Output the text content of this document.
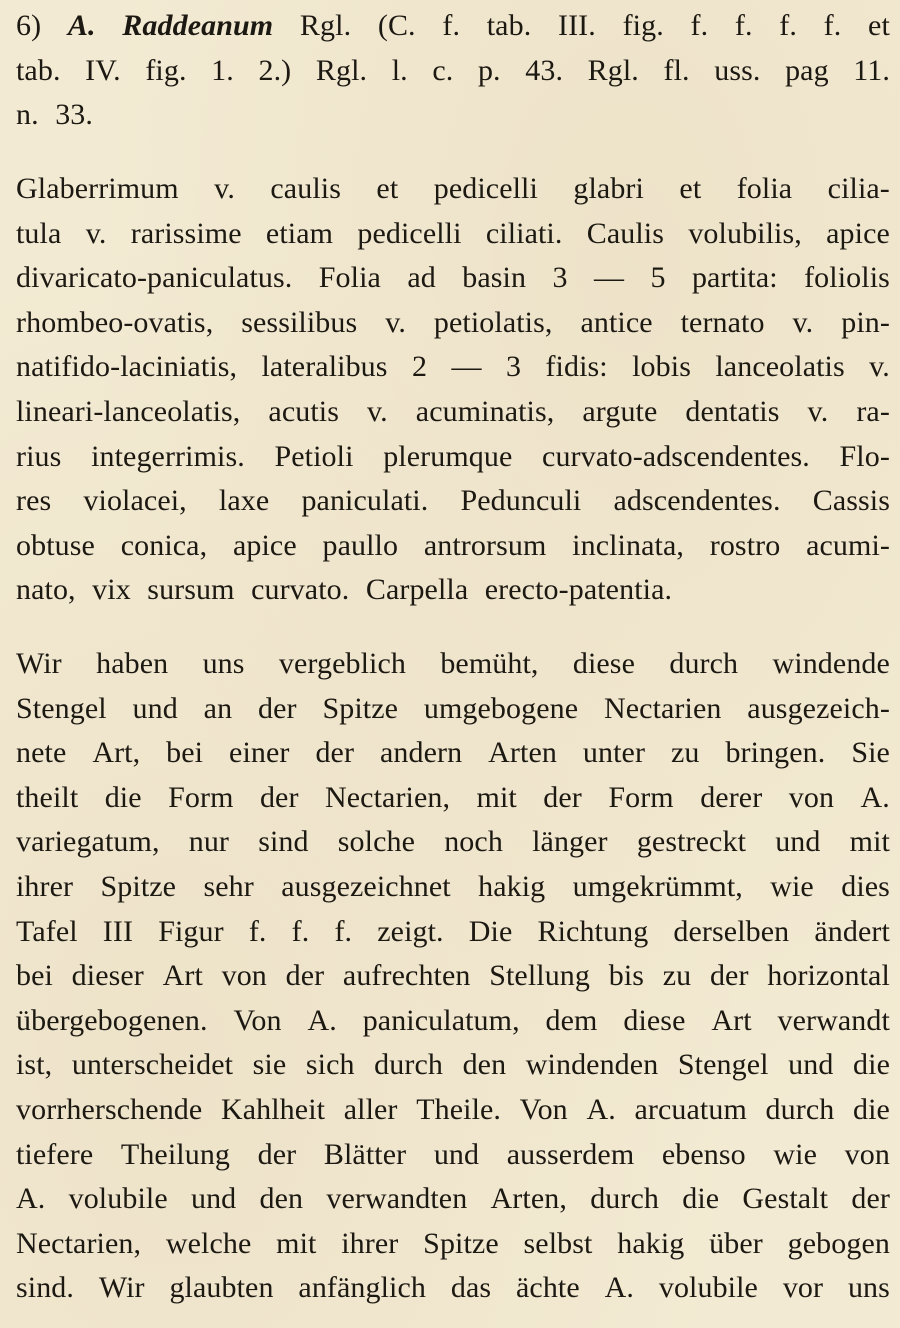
6) A. Raddeanum Rgl. (C. f. tab. III. fig. f. f. f. f. et
tab. IV. fig. 1. 2.) Rgl. l. c. p. 43. Rgl. fl. uss. pag 11.
n. 33.
Glaberrimum v. caulis et pedicelli glabri et folia cilia-
tula v. rarissime etiam pedicelli ciliati. Caulis volubilis, apice
divaricato-paniculatus. Folia ad basin 3 — 5 partita: foliolis
rhombeo-ovatis, sessilibus v. petiolatis, antice ternato v. pin-
natifido-laciniatis, lateralibus 2 — 3 fidis: lobis lanceolatis v.
lineari-lanceolatis, acutis v. acuminatis, argute dentatis v. ra-
rius integerrimis. Petioli plerumque curvato-adscendentes. Flo-
res violacei, laxe paniculati. Pedunculi adscendentes. Cassis
obtuse conica, apice paullo antrorsum inclinata, rostro acumi-
nato, vix sursum curvato. Carpella erecto-patentia.
Wir haben uns vergeblich bemüht, diese durch windende
Stengel und an der Spitze umgebogene Nectarien ausgezeich-
nete Art, bei einer der andern Arten unter zu bringen. Sie
theilt die Form der Nectarien, mit der Form derer von A.
variegatum, nur sind solche noch länger gestreckt und mit
ihrer Spitze sehr ausgezeichnet hakig umgekrümmt, wie dies
Tafel III Figur f. f. f. zeigt. Die Richtung derselben ändert
bei dieser Art von der aufrechten Stellung bis zu der horizontal
übergebogenen. Von A. paniculatum, dem diese Art verwandt
ist, unterscheidet sie sich durch den windenden Stengel und die
vorrherschende Kahlheit aller Theile. Von A. arcuatum durch die
tiefere Theilung der Blätter und ausserdem ebenso wie von
A. volubile und den verwandten Arten, durch die Gestalt der
Nectarien, welche mit ihrer Spitze selbst hakig über gebogen
sind. Wir glaubten anfänglich das ächte A. volubile vor uns
